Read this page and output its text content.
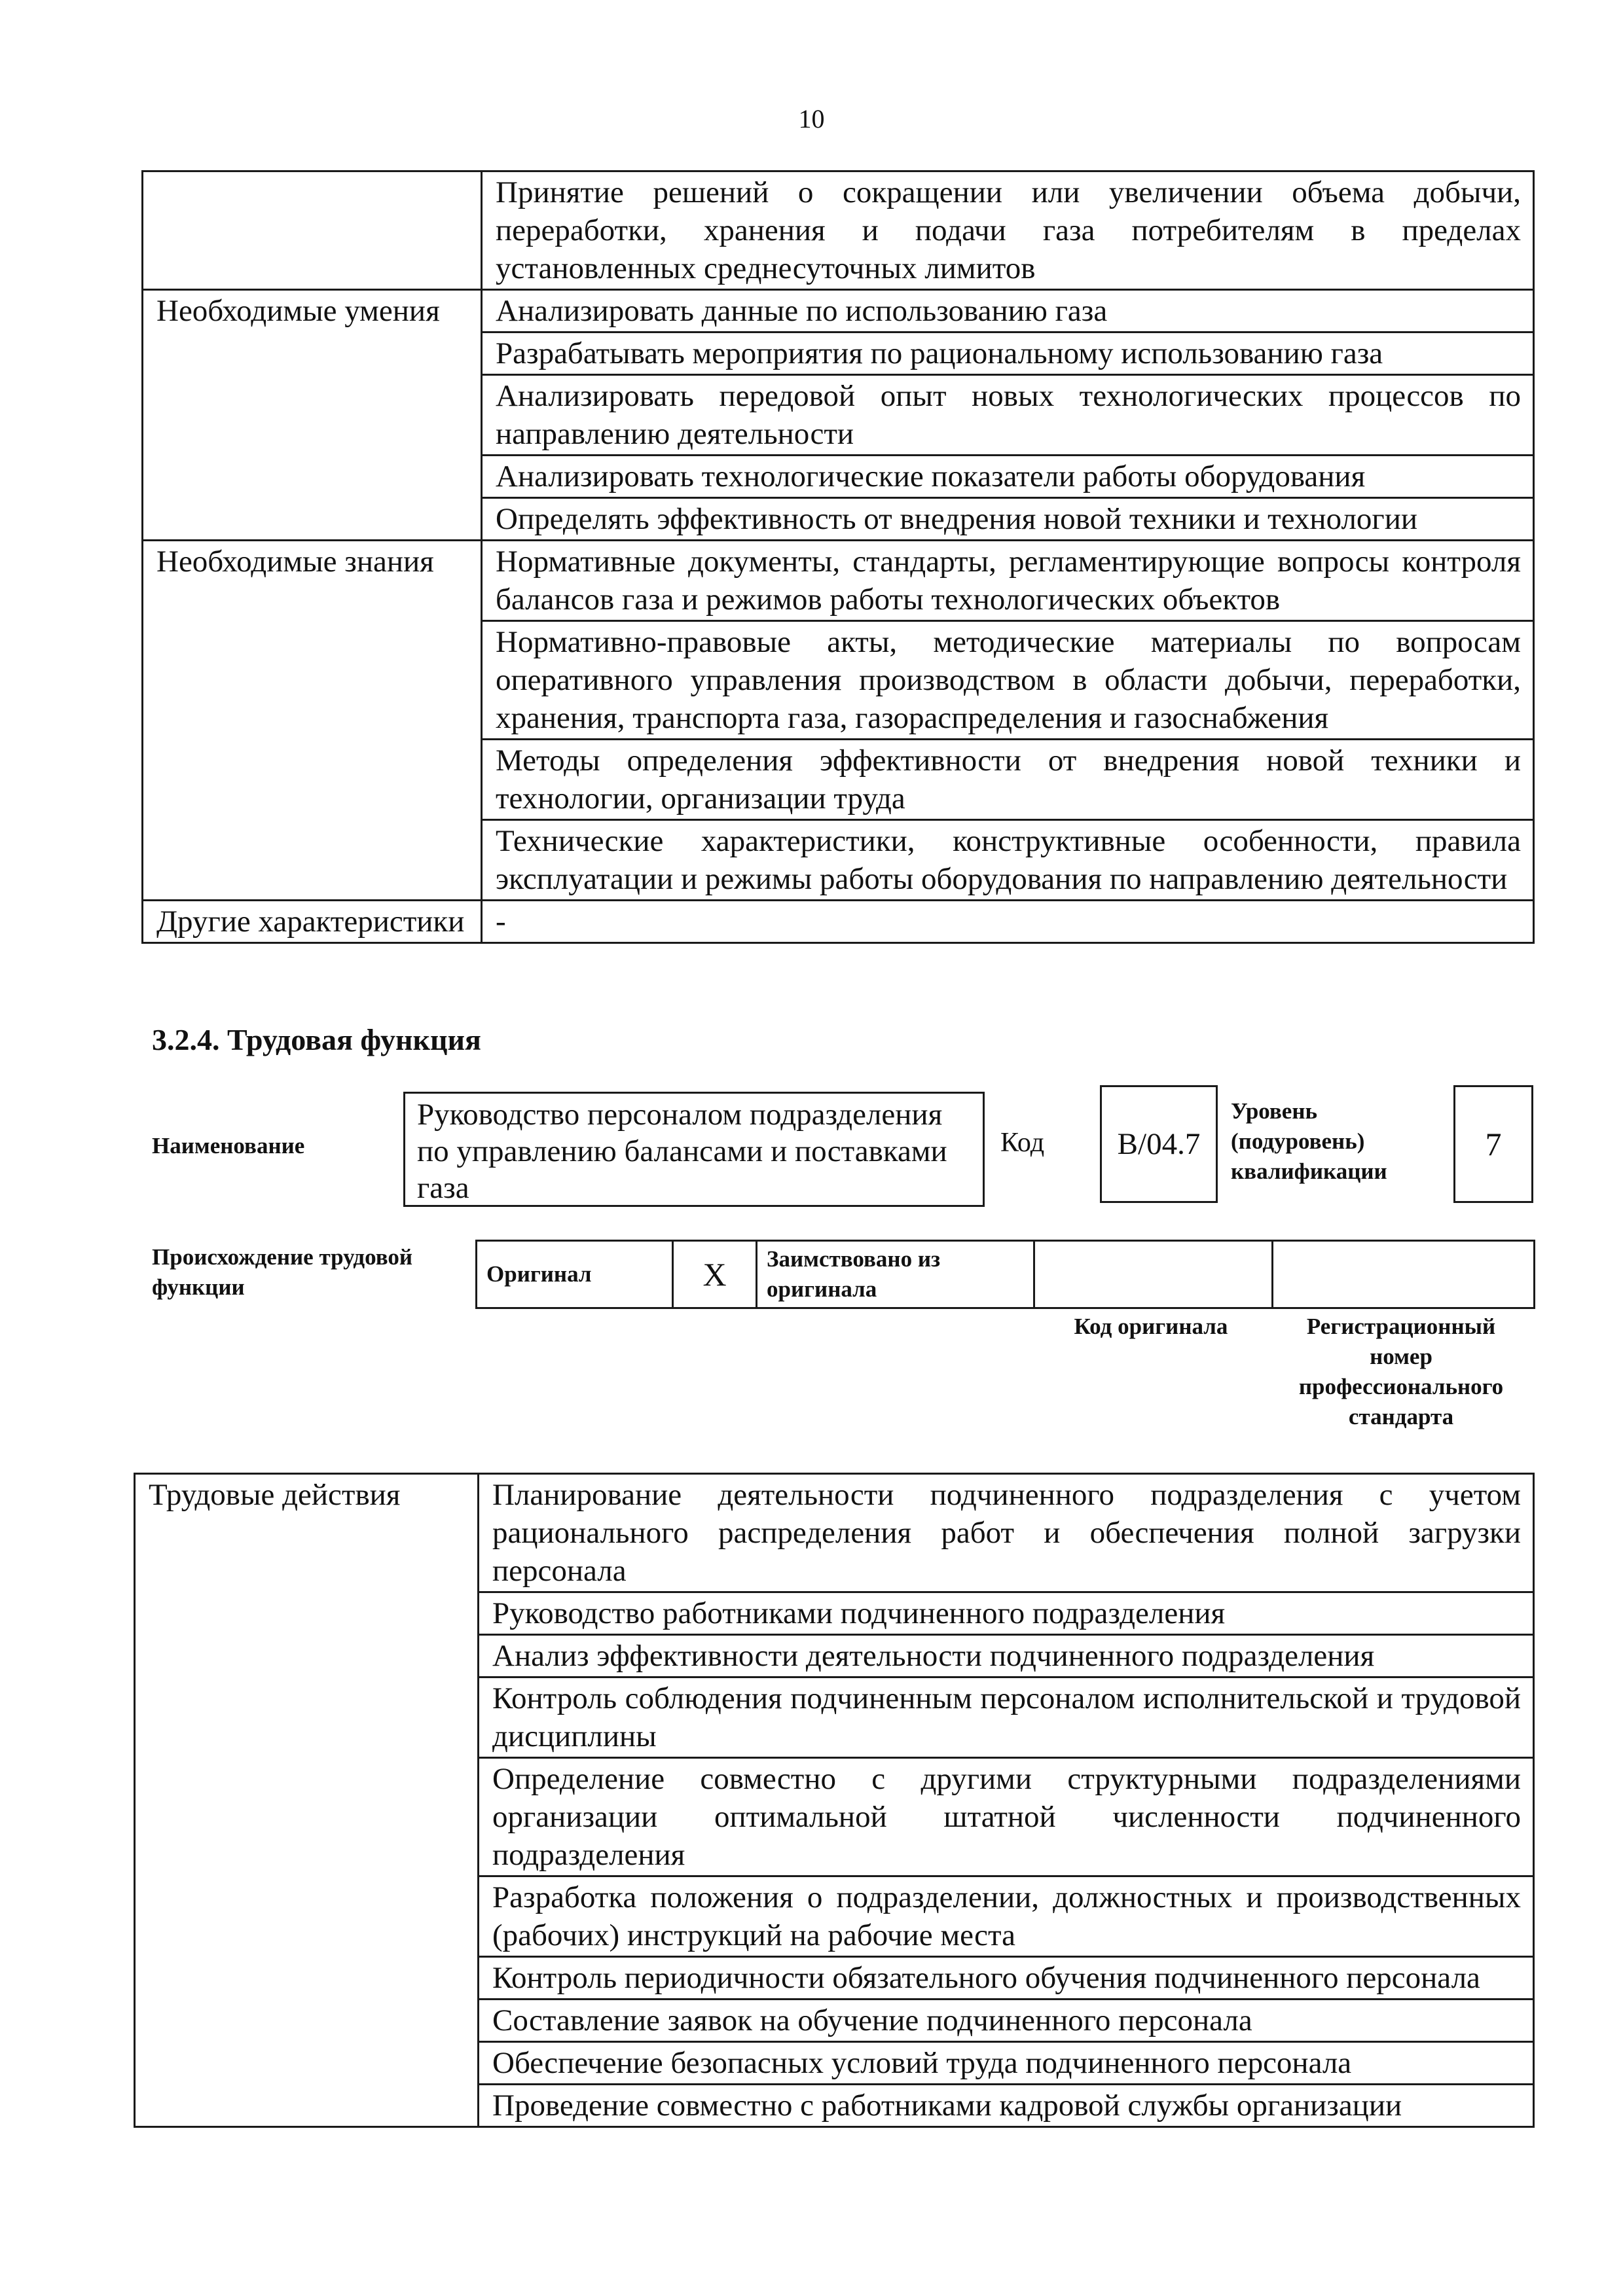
10
	Принятие решений о сокращении или увеличении объема добычи, переработки, хранения и подачи газа потребителям в пределах установленных среднесуточных лимитов
Необходимые умения	Анализировать данные по использованию газа
	Разрабатывать мероприятия по рациональному использованию газа
	Анализировать передовой опыт новых технологических процессов по направлению деятельности
	Анализировать технологические показатели работы оборудования
	Определять эффективность от внедрения новой техники и технологии
Необходимые знания	Нормативные документы, стандарты, регламентирующие вопросы контроля балансов газа и режимов работы технологических объектов
	Нормативно-правовые акты, методические материалы по вопросам оперативного управления производством в области добычи, переработки, хранения, транспорта газа, газораспределения и газоснабжения
	Методы определения эффективности от внедрения новой техники и технологии, организации труда
	Технические характеристики, конструктивные особенности, правила эксплуатации и режимы работы оборудования по направлению деятельности
Другие характеристики	-
3.2.4. Трудовая функция
Наименование
Руководство персоналом подразделения по управлению балансами и поставками газа
Код	B/04.7
Уровень
(подуровень)
квалификации
7
Происхождение трудовой
функции
Оригинал	X	Заимствовано из
оригинала

Код оригинала	Регистрационный
номер
профессионального
стандарта
Трудовые действия	Планирование деятельности подчиненного подразделения с учетом рационального распределения работ и обеспечения полной загрузки персонала
Руководство работниками подчиненного подразделения
Анализ эффективности деятельности подчиненного подразделения
Контроль соблюдения подчиненным персоналом исполнительской и трудовой дисциплины
Определение совместно с другими структурными подразделениями организации оптимальной штатной численности подчиненного подразделения
Разработка положения о подразделении, должностных и производственных (рабочих) инструкций на рабочие места
Контроль периодичности обязательного обучения подчиненного персонала
Составление заявок на обучение подчиненного персонала
Обеспечение безопасных условий труда подчиненного персонала
Проведение совместно с работниками кадровой службы организации
